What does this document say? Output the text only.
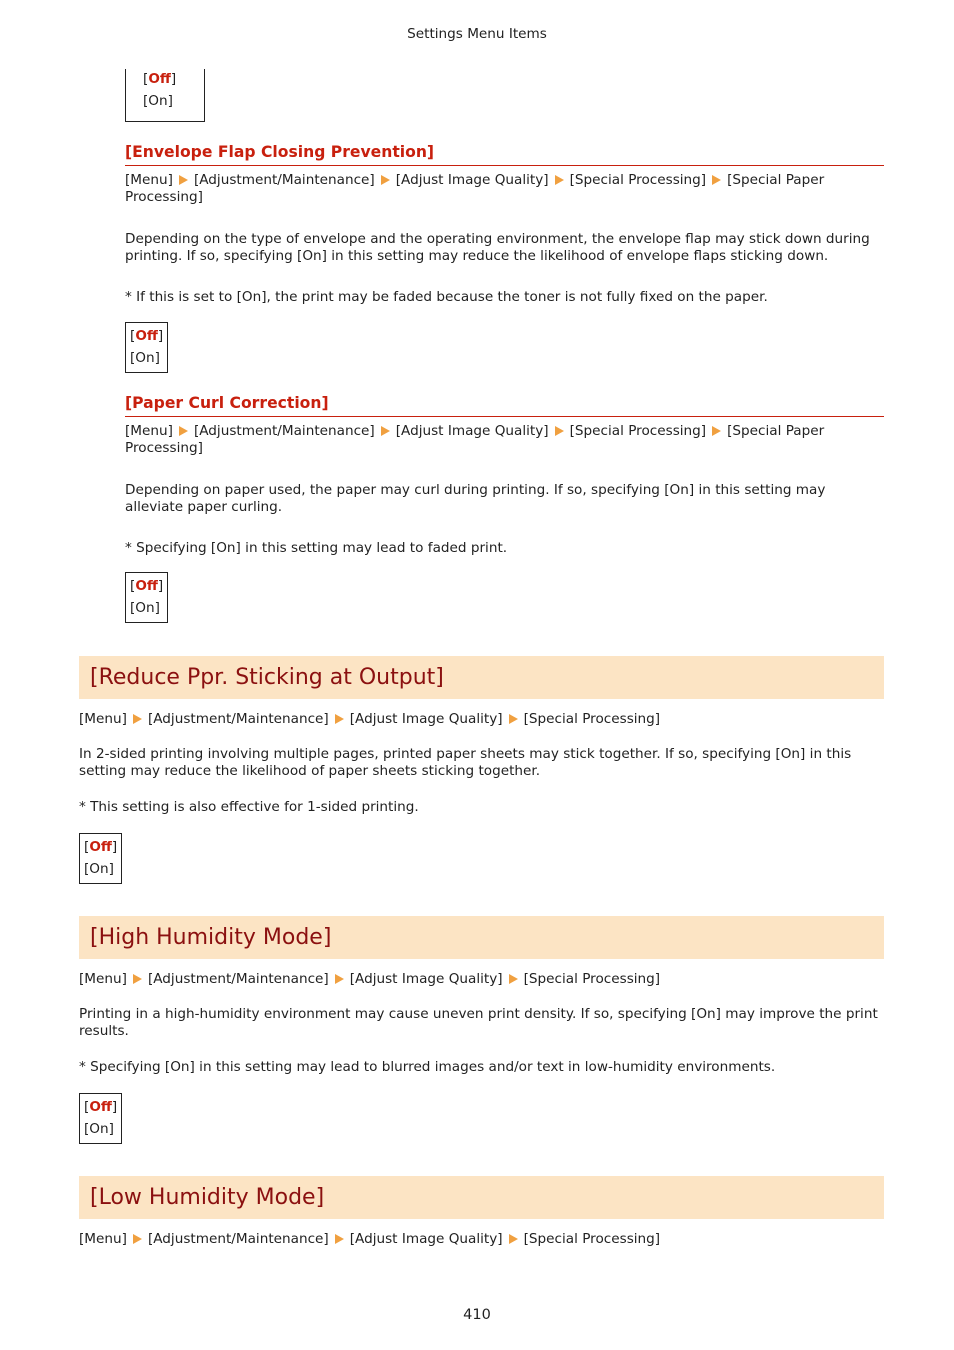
Settings Menu Items
[Off]
[On]
[Envelope Flap Closing Prevention]
[Menu] [Adjustment/Maintenance] [Adjust Image Quality] [Special Processing] [Special Paper Processing]
Depending on the type of envelope and the operating environment, the envelope flap may stick down during printing. If so, specifying [On] in this setting may reduce the likelihood of envelope flaps sticking down.
* If this is set to [On], the print may be faded because the toner is not fully fixed on the paper.
[Off]
[On]
[Paper Curl Correction]
[Menu] [Adjustment/Maintenance] [Adjust Image Quality] [Special Processing] [Special Paper Processing]
Depending on paper used, the paper may curl during printing. If so, specifying [On] in this setting may alleviate paper curling.
* Specifying [On] in this setting may lead to faded print.
[Off]
[On]
[Reduce Ppr. Sticking at Output]
[Menu] [Adjustment/Maintenance] [Adjust Image Quality] [Special Processing]
In 2-sided printing involving multiple pages, printed paper sheets may stick together. If so, specifying [On] in this setting may reduce the likelihood of paper sheets sticking together.
* This setting is also effective for 1-sided printing.
[Off]
[On]
[High Humidity Mode]
[Menu] [Adjustment/Maintenance] [Adjust Image Quality] [Special Processing]
Printing in a high-humidity environment may cause uneven print density. If so, specifying [On] may improve the print results.
* Specifying [On] in this setting may lead to blurred images and/or text in low-humidity environments.
[Off]
[On]
[Low Humidity Mode]
[Menu] [Adjustment/Maintenance] [Adjust Image Quality] [Special Processing]
410
